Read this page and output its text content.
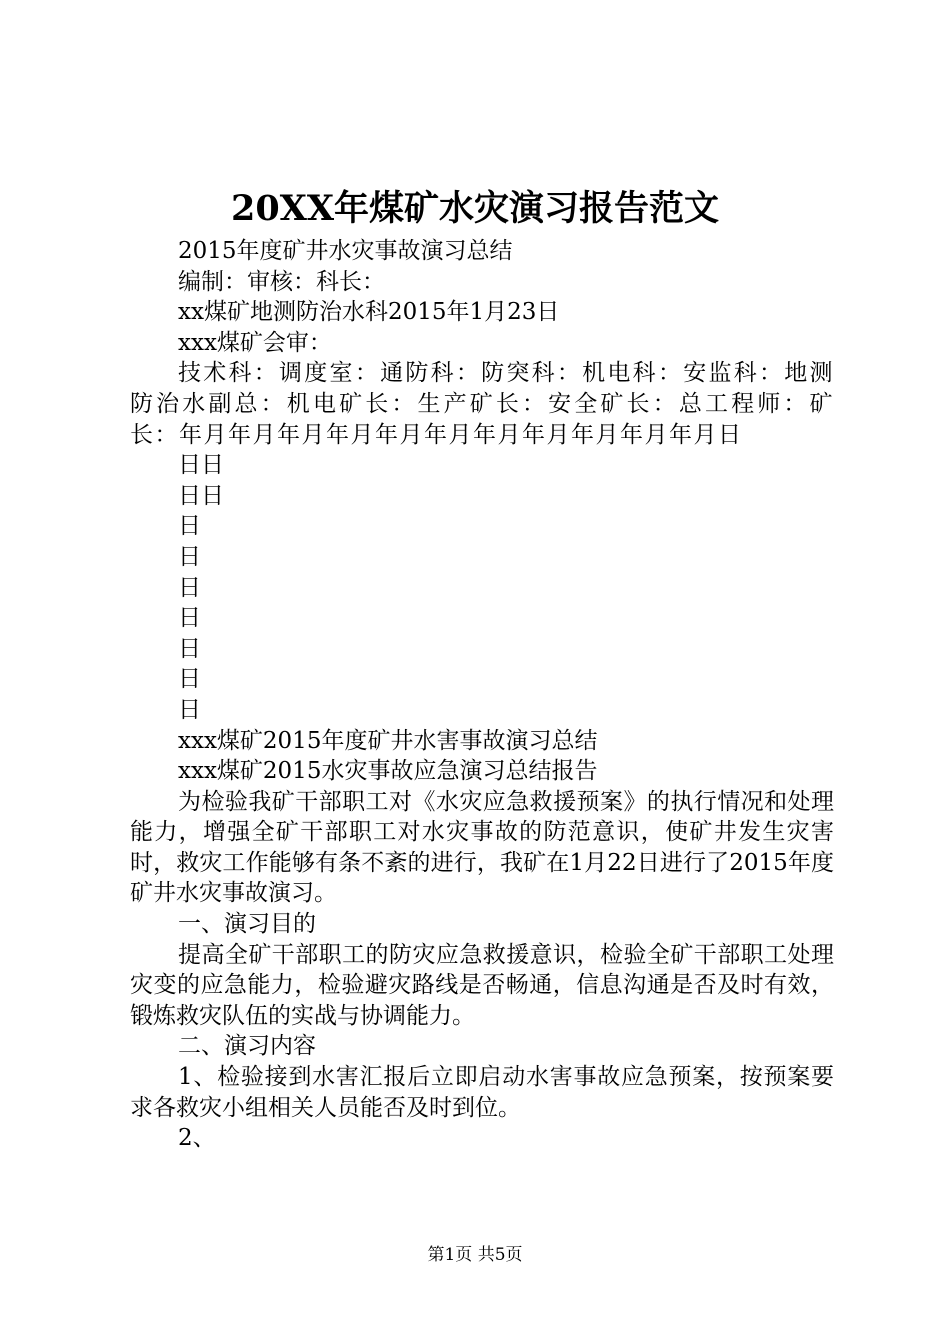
20XX年煤矿水灾演习报告范文
2015年度矿井水灾事故演习总结
编制：审核：科长：
xx煤矿地测防治水科2015年1月23日
xxx煤矿会审：
技术科：调度室：通防科：防突科：机电科：安监科：地测防治水副总：机电矿长：生产矿长：安全矿长：总工程师：矿长：年月年月年月年月年月年月年月年月年月年月年月日
日日
日日
日
日
日
日
日
日
日
xxx煤矿2015年度矿井水害事故演习总结
xxx煤矿2015水灾事故应急演习总结报告
为检验我矿干部职工对《水灾应急救援预案》的执行情况和处理能力，增强全矿干部职工对水灾事故的防范意识，使矿井发生灾害时，救灾工作能够有条不紊的进行，我矿在1月22日进行了2015年度矿井水灾事故演习。
一、演习目的
提高全矿干部职工的防灾应急救援意识，检验全矿干部职工处理灾变的应急能力，检验避灾路线是否畅通，信息沟通是否及时有效，锻炼救灾队伍的实战与协调能力。
二、演习内容
1、检验接到水害汇报后立即启动水害事故应急预案，按预案要求各救灾小组相关人员能否及时到位。
2、
第1页 共5页
